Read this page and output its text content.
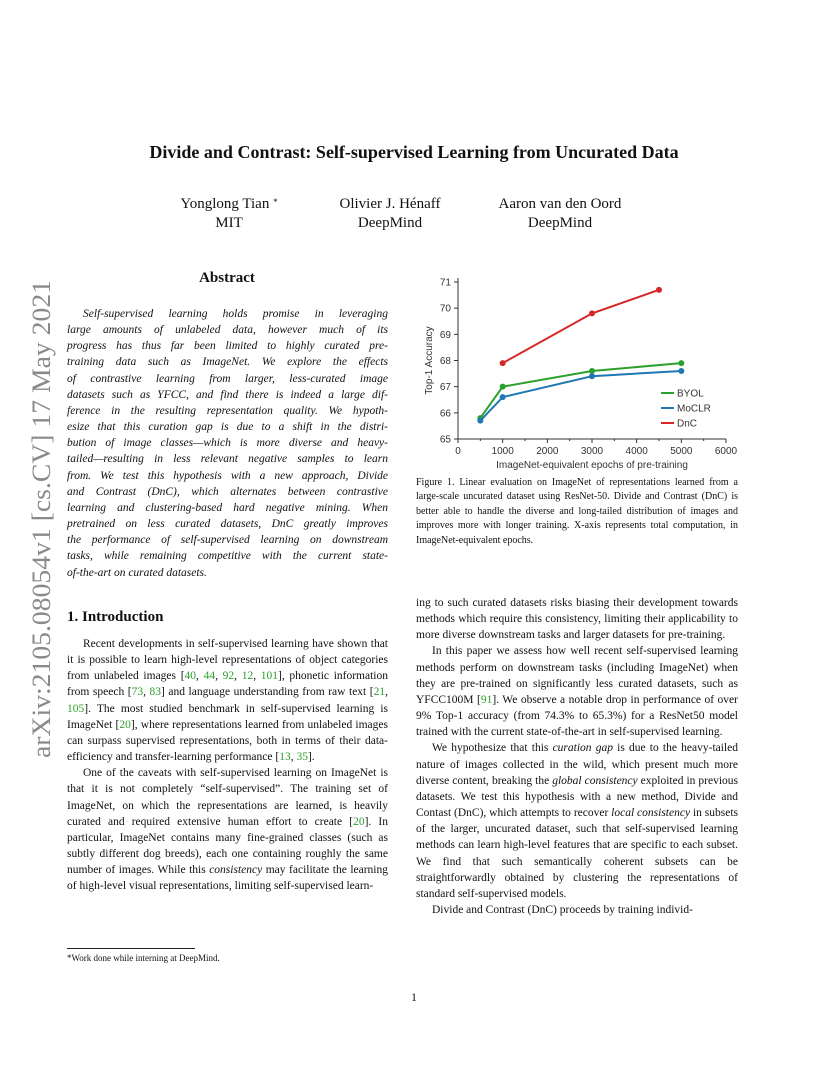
arXiv:2105.08054v1 [cs.CV] 17 May 2021
Divide and Contrast: Self-supervised Learning from Uncurated Data
Yonglong Tian *
MIT
Olivier J. Hénaff
DeepMind
Aaron van den Oord
DeepMind
Abstract
Self-supervised learning holds promise in leveraging
large amounts of unlabeled data, however much of its
progress has thus far been limited to highly curated pre-
training data such as ImageNet. We explore the effects
of contrastive learning from larger, less-curated image
datasets such as YFCC, and find there is indeed a large dif-
ference in the resulting representation quality. We hypoth-
esize that this curation gap is due to a shift in the distri-
bution of image classes—which is more diverse and heavy-
tailed—resulting in less relevant negative samples to learn
from. We test this hypothesis with a new approach, Divide
and Contrast (DnC), which alternates between contrastive
learning and clustering-based hard negative mining. When
pretrained on less curated datasets, DnC greatly improves
the performance of self-supervised learning on downstream
tasks, while remaining competitive with the current state-
of-the-art on curated datasets.
1. Introduction

Recent developments in self-supervised learning have shown that it is possible to learn high-level representations of object categories from unlabeled images [40, 44, 92, 12, 101], phonetic information from speech [73, 83] and language understanding from raw text [21, 105]. The most studied benchmark in self-supervised learning is ImageNet [20], where representations learned from unlabeled images can surpass supervised representations, both in terms of their data-efficiency and transfer-learning performance [13, 35].

One of the caveats with self-supervised learning on ImageNet is that it is not completely “self-supervised”. The training set of ImageNet, on which the representations are learned, is heavily curated and required extensive human effort to create [20]. In particular, ImageNet contains many fine-grained classes (such as subtly different dog breeds), each one containing roughly the same number of images. While this consistency may facilitate the learning of high-level visual representations, limiting self-supervised learn-

ing to such curated datasets risks biasing their development towards methods which require this consistency, limiting their applicability to more diverse downstream tasks and larger datasets for pre-training.

In this paper we assess how well recent self-supervised learning methods perform on downstream tasks (including ImageNet) when they are pre-trained on significantly less curated datasets, such as YFCC100M [91]. We observe a notable drop in performance of over 9% Top-1 accuracy (from 74.3% to 65.3%) for a ResNet50 model trained with the current state-of-the-art in self-supervised learning.

We hypothesize that this curation gap is due to the heavy-tailed nature of images collected in the wild, which present much more diverse content, breaking the global consistency exploited in previous datasets. We test this hypothesis with a new method, Divide and Contast (DnC), which attempts to recover local consistency in subsets of the larger, uncurated dataset, such that self-supervised learning methods can learn high-level features that are specific to each subset. We find that such semantically coherent subsets can be straightforwardly obtained by clustering the representations of standard self-supervised models.

Divide and Contrast (DnC) proceeds by training individ-

*Work done while interning at DeepMind.
1
0	1000 2000 3000 4000 5000 6000
65
66
67
68
69
70
71
ImageNet-equivalent epochs of pre-training
Top-1 Accuracy	BYOL
MoCLR
DnC
Figure 1. Linear evaluation on ImageNet of representations learned from a large-scale uncurated dataset using ResNet-50. Divide and Contrast (DnC) is better able to handle the diverse and long-tailed distribution of images and improves more with longer training. X-axis represents total computation, in ImageNet-equivalent epochs.
